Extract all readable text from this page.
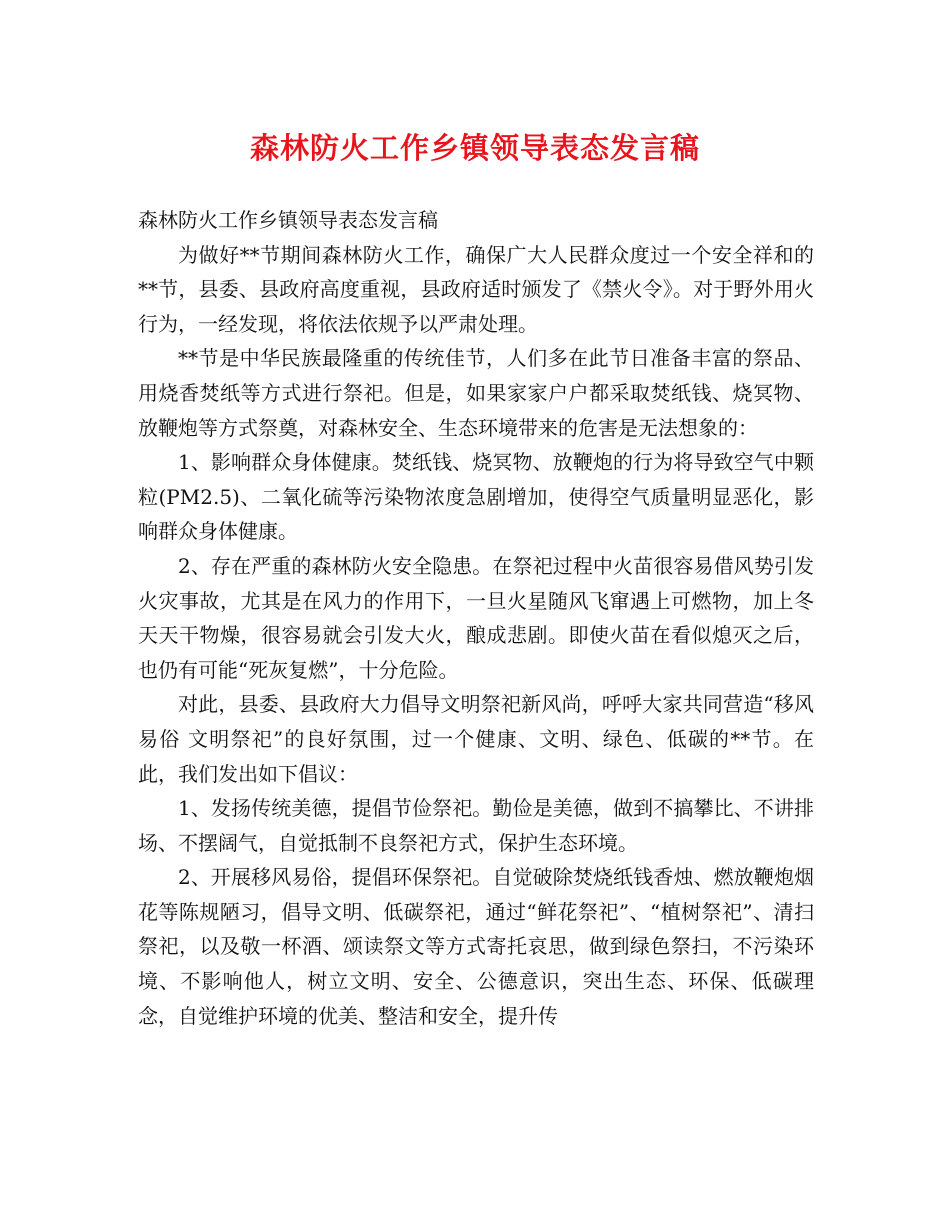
森林防火工作乡镇领导表态发言稿

森林防火工作乡镇领导表态发言稿

为做好**节期间森林防火工作，确保广大人民群众度过一个安全祥和的**节，县委、县政府高度重视，县政府适时颁发了《禁火令》。对于野外用火行为，一经发现，将依法依规予以严肃处理。

**节是中华民族最隆重的传统佳节，人们多在此节日准备丰富的祭品、用烧香焚纸等方式进行祭祀。但是，如果家家户户都采取焚纸钱、烧冥物、放鞭炮等方式祭奠，对森林安全、生态环境带来的危害是无法想象的：

1、影响群众身体健康。焚纸钱、烧冥物、放鞭炮的行为将导致空气中颗粒(PM2.5)、二氧化硫等污染物浓度急剧增加，使得空气质量明显恶化，影响群众身体健康。

2、存在严重的森林防火安全隐患。在祭祀过程中火苗很容易借风势引发火灾事故，尤其是在风力的作用下，一旦火星随风飞窜遇上可燃物，加上冬天天干物燥，很容易就会引发大火，酿成悲剧。即使火苗在看似熄灭之后，也仍有可能“死灰复燃”，十分危险。

对此，县委、县政府大力倡导文明祭祀新风尚，呼呼大家共同营造“移风易俗 文明祭祀”的良好氛围，过一个健康、文明、绿色、低碳的**节。在此，我们发出如下倡议：

1、发扬传统美德，提倡节俭祭祀。勤俭是美德，做到不搞攀比、不讲排场、不摆阔气，自觉抵制不良祭祀方式，保护生态环境。

2、开展移风易俗，提倡环保祭祀。自觉破除焚烧纸钱香烛、燃放鞭炮烟花等陈规陋习，倡导文明、低碳祭祀，通过“鲜花祭祀”、“植树祭祀”、清扫祭祀，以及敬一杯酒、颂读祭文等方式寄托哀思，做到绿色祭扫，不污染环境、不影响他人，树立文明、安全、公德意识，突出生态、环保、低碳理念，自觉维护环境的优美、整洁和安全，提升传
